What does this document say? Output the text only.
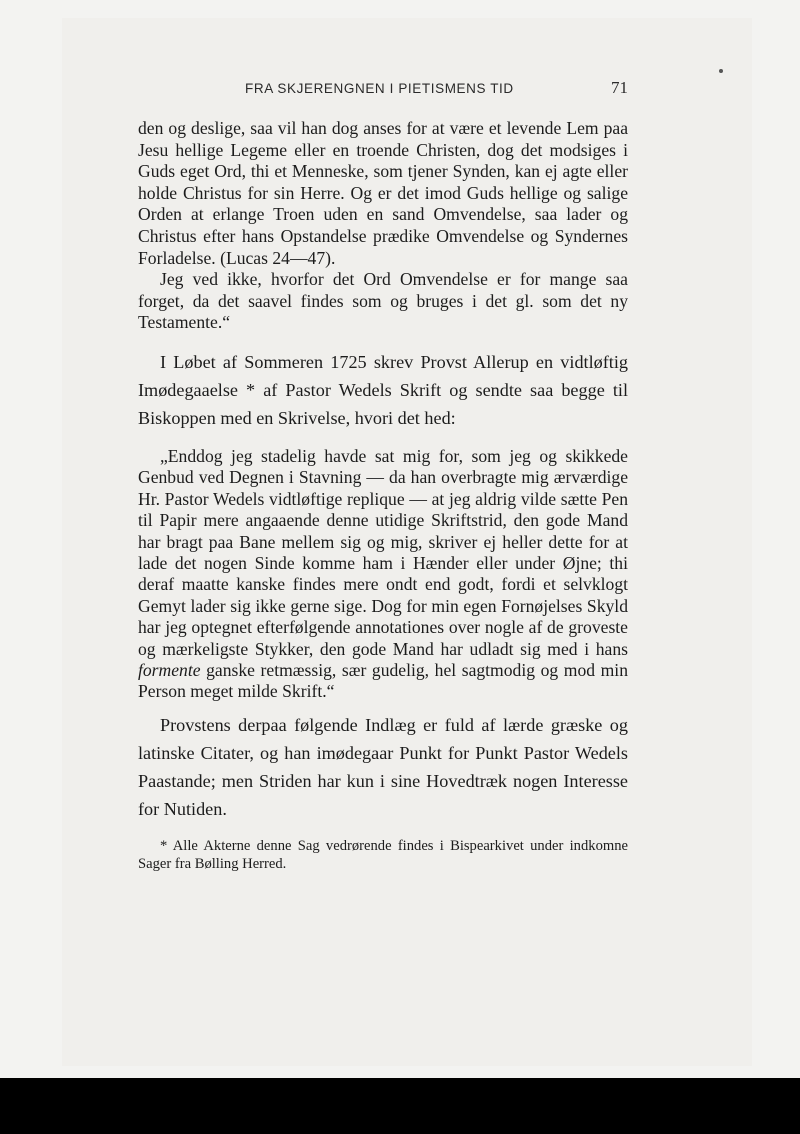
FRA SKJERENGNEN I PIETISMENS TID	71

den og deslige, saa vil han dog anses for at være et levende Lem paa Jesu hellige Legeme eller en troende Christen, dog det modsiges i Guds eget Ord, thi et Menneske, som tjener Synden, kan ej agte eller holde Christus for sin Herre. Og er det imod Guds hellige og salige Orden at erlange Troen uden en sand Omvendelse, saa lader og Christus efter hans Opstandelse prædike Omvendelse og Syndernes Forladelse. (Lucas 24—47).

Jeg ved ikke, hvorfor det Ord Omvendelse er for mange saa forget, da det saavel findes som og bruges i det gl. som det ny Testamente.“

I Løbet af Sommeren 1725 skrev Provst Allerup en vidtløftig Imødegaaelse * af Pastor Wedels Skrift og sendte saa begge til Biskoppen med en Skrivelse, hvori det hed:

„Enddog jeg stadelig havde sat mig for, som jeg og skikkede Genbud ved Degnen i Stavning — da han overbragte mig ærværdige Hr. Pastor Wedels vidtløftige replique — at jeg aldrig vilde sætte Pen til Papir mere angaaende denne utidige Skriftstrid, den gode Mand har bragt paa Bane mellem sig og mig, skriver ej heller dette for at lade det nogen Sinde komme ham i Hænder eller under Øjne; thi deraf maatte kanske findes mere ondt end godt, fordi et selvklogt Gemyt lader sig ikke gerne sige. Dog for min egen Fornøjelses Skyld har jeg optegnet efterfølgende annotationes over nogle af de groveste og mærkeligste Stykker, den gode Mand har udladt sig med i hans formente ganske retmæssig, sær gudelig, hel sagtmodig og mod min Person meget milde Skrift.“

Provstens derpaa følgende Indlæg er fuld af lærde græske og latinske Citater, og han imødegaar Punkt for Punkt Pastor Wedels Paastande; men Striden har kun i sine Hovedtræk nogen Interesse for Nutiden.

* Alle Akterne denne Sag vedrørende findes i Bispearkivet under indkomne Sager fra Bølling Herred.
